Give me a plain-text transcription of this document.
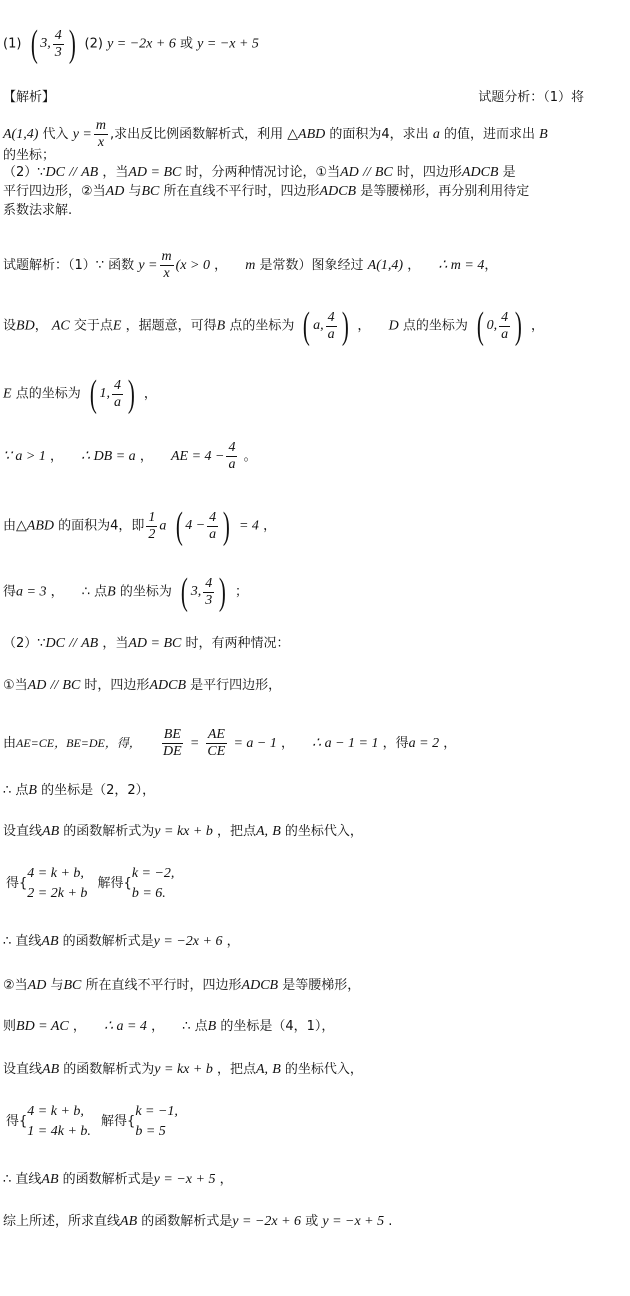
(1) ( 3, $\frac{4}{3}$ ) (2) y = −2x + 6 或 y = −x + 5
【解析】	试题分析：（1）将
A(1,4) 代入 $y = \frac{m}{x}$ ,求出反比例函数解析式，利用 △ABD 的面积为4，求出 a 的值，进而求出 B
的坐标；
（2）∵DC // AB ，当AD = BC 时，分两种情况讨论，①当AD // BC 时，四边形ADCB 是
平行四边形，②当AD 与BC 所在直线不平行时，四边形ADCB 是等腰梯形，再分别利用待定
系数法求解.
试题解析：（1）∵ 函数 $y = \frac{m}{x} (x > 0$ ， m 是常数）图象经过 A(1,4) ， ∴ m = 4，
设BD， AC 交于点E ，据题意，可得B 点的坐标为 ( a, $\frac{4}{a}$ ) ， D 点的坐标为 ( 0, $\frac{4}{a}$ ) ，
E 点的坐标为 ( 1, $\frac{4}{a}$ ) ，
∵ a > 1 ， ∴ DB = a ， AE = $4 - \frac{4}{a}$ 。
由△ABD 的面积为4，即 $\frac{1}{2}$ a ( $4 - \frac{4}{a}$ ) = 4 ，
得a = 3 ， ∴ 点B 的坐标为 ( 3, $\frac{4}{3}$ ) ；
（2）∵DC // AB ，当AD = BC 时，有两种情况：
①当AD // BC 时，四边形ADCB 是平行四边形，
由AE=CE，BE=DE，得， $\frac{BE}{DE} = \frac{AE}{CE} = a - 1$ ， ∴ a − 1 = 1 ，得a = 2 ，
∴ 点B 的坐标是（2，2），
设直线AB 的函数解析式为y = kx + b ，把点A, B 的坐标代入，
得{
4 = k + b,
2 = 2k + b

解得{
k = −2,
b = 6.
∴ 直线AB 的函数解析式是y = −2x + 6 ，
②当AD 与BC 所在直线不平行时，四边形ADCB 是等腰梯形，
则BD = AC ， ∴ a = 4 ， ∴ 点B 的坐标是（4，1），
设直线AB 的函数解析式为y = kx + b ，把点A, B 的坐标代入，
得{
4 = k + b,
1 = 4k + b.

解得{
k = −1,
b = 5
∴ 直线AB 的函数解析式是y = −x + 5 ，
综上所述，所求直线AB 的函数解析式是y = −2x + 6 或 y = −x + 5 .
